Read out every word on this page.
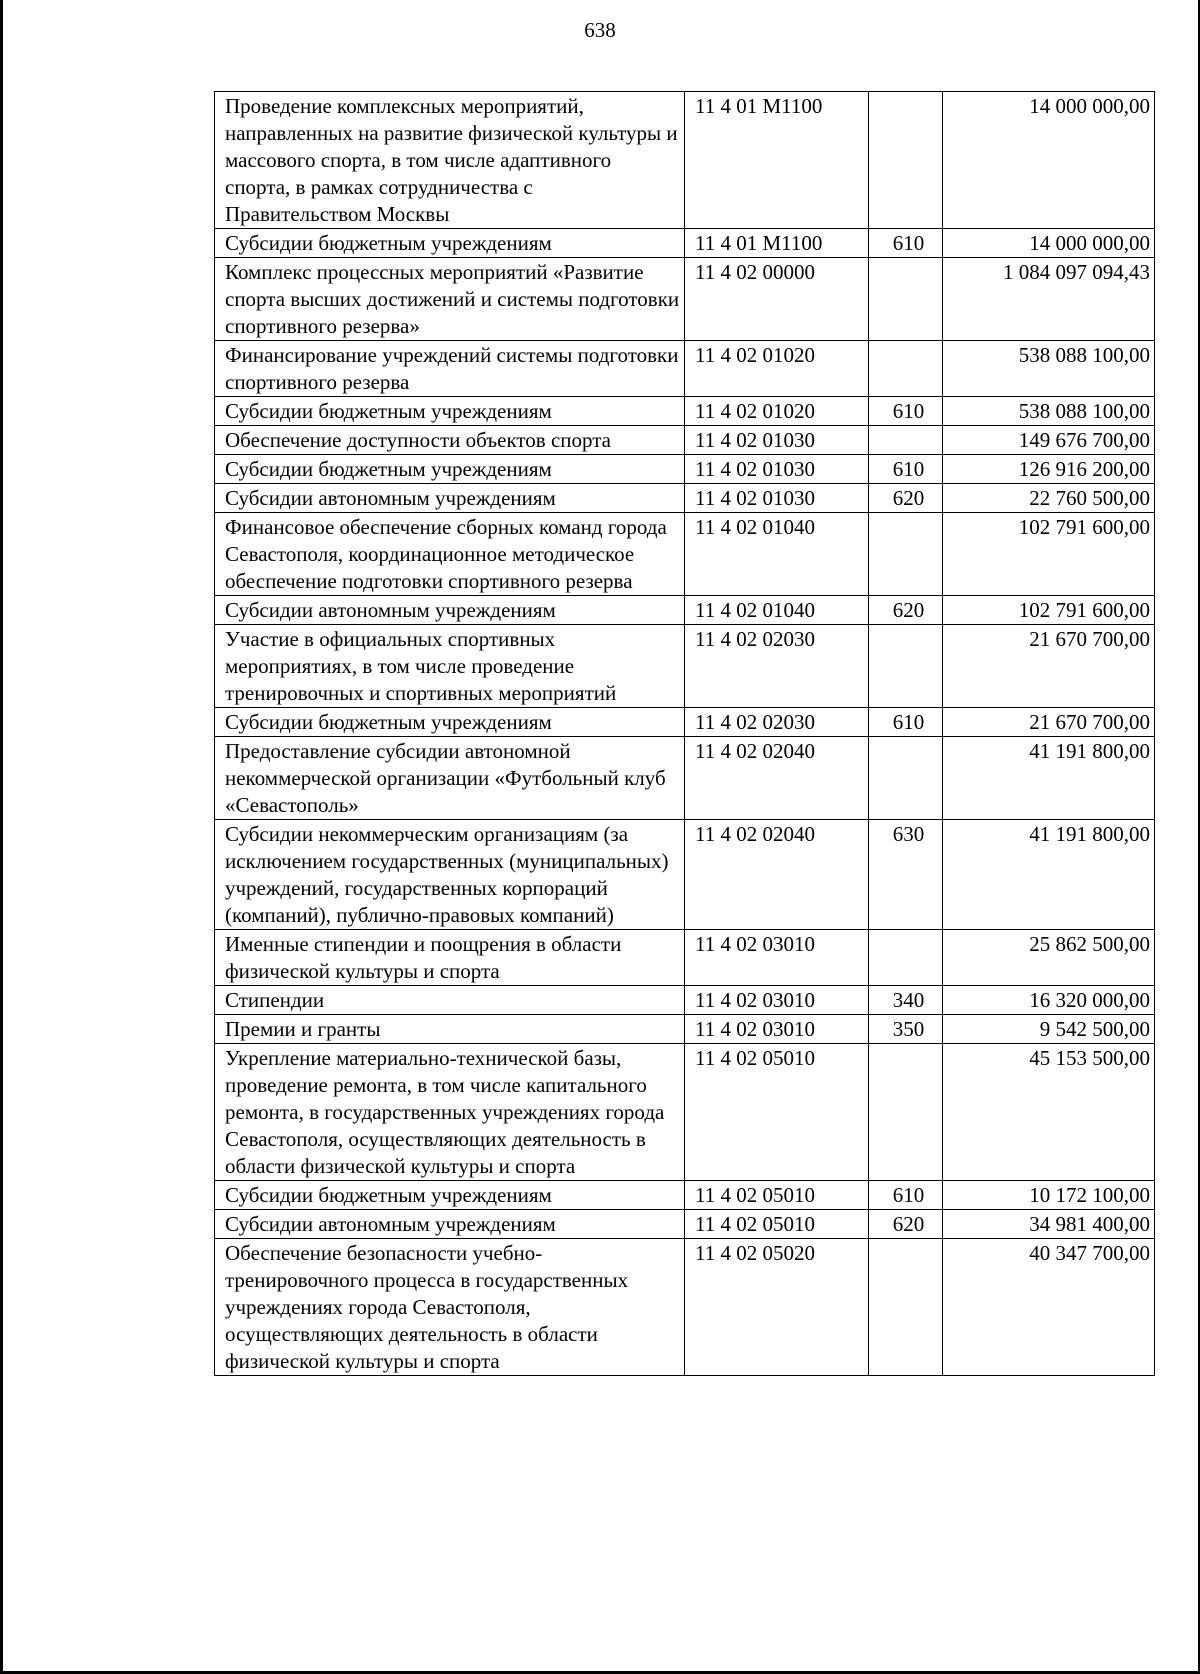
638
Проведение комплексных мероприятий, направленных на развитие физической культуры и массового спорта, в том числе адаптивного спорта, в рамках сотрудничества с Правительством Москвы	11 4 01 М1100		14 000 000,00
Субсидии бюджетным учреждениям	11 4 01 М1100	610	14 000 000,00
Комплекс процессных мероприятий «Развитие спорта высших достижений и системы подготовки спортивного резерва»	11 4 02 00000		1 084 097 094,43
Финансирование учреждений системы подготовки спортивного резерва	11 4 02 01020		538 088 100,00
Субсидии бюджетным учреждениям	11 4 02 01020	610	538 088 100,00
Обеспечение доступности объектов спорта	11 4 02 01030		149 676 700,00
Субсидии бюджетным учреждениям	11 4 02 01030	610	126 916 200,00
Субсидии автономным учреждениям	11 4 02 01030	620	22 760 500,00
Финансовое обеспечение сборных команд города Севастополя, координационное методическое обеспечение подготовки спортивного резерва	11 4 02 01040		102 791 600,00
Субсидии автономным учреждениям	11 4 02 01040	620	102 791 600,00
Участие в официальных спортивных мероприятиях, в том числе проведение тренировочных и спортивных мероприятий	11 4 02 02030		21 670 700,00
Субсидии бюджетным учреждениям	11 4 02 02030	610	21 670 700,00
Предоставление субсидии автономной некоммерческой организации «Футбольный клуб «Севастополь»	11 4 02 02040		41 191 800,00
Субсидии некоммерческим организациям (за исключением государственных (муниципальных) учреждений, государственных корпораций (компаний), публично-правовых компаний)	11 4 02 02040	630	41 191 800,00
Именные стипендии и поощрения в области физической культуры и спорта	11 4 02 03010		25 862 500,00
Стипендии	11 4 02 03010	340	16 320 000,00
Премии и гранты	11 4 02 03010	350	9 542 500,00
Укрепление материально-технической базы, проведение ремонта, в том числе капитального ремонта, в государственных учреждениях города Севастополя, осуществляющих деятельность в области физической культуры и спорта	11 4 02 05010		45 153 500,00
Субсидии бюджетным учреждениям	11 4 02 05010	610	10 172 100,00
Субсидии автономным учреждениям	11 4 02 05010	620	34 981 400,00
Обеспечение безопасности учебно-тренировочного процесса в государственных учреждениях города Севастополя, осуществляющих деятельность в области физической культуры и спорта	11 4 02 05020		40 347 700,00
